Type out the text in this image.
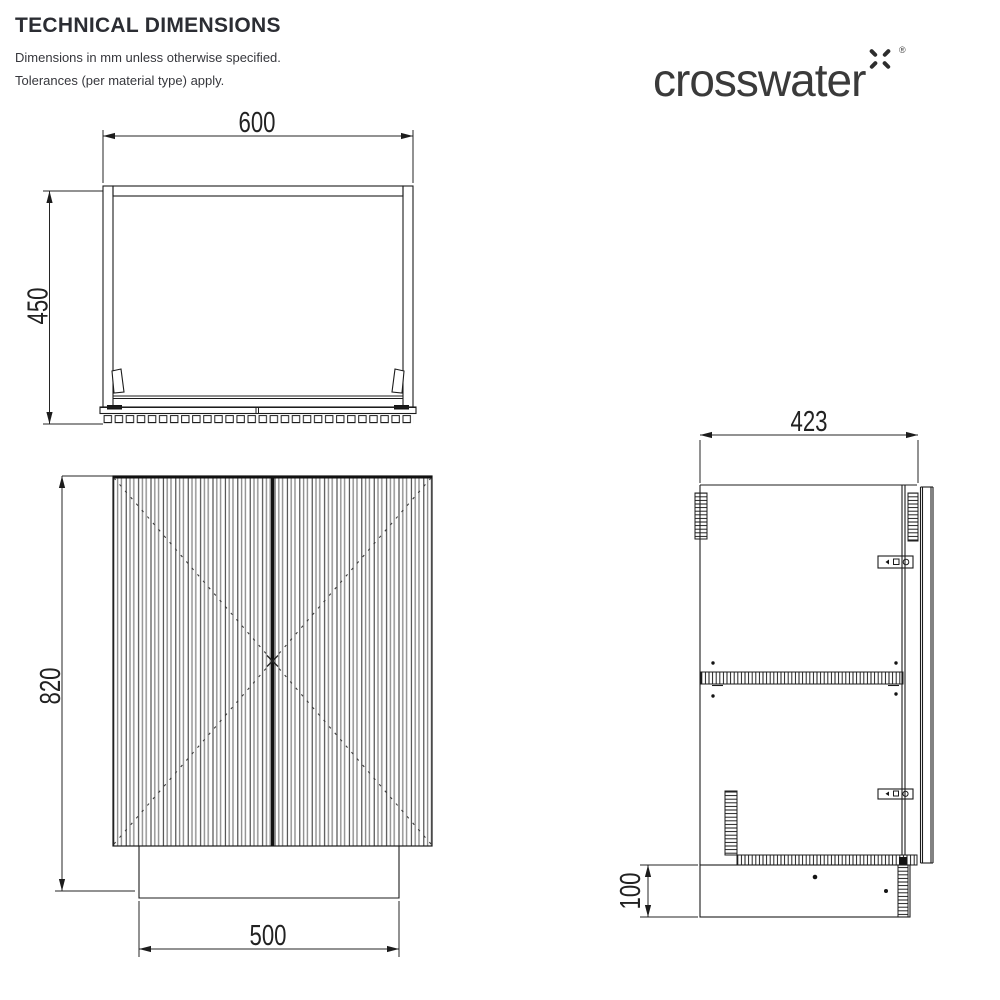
TECHNICAL DIMENSIONS
Dimensions in mm unless otherwise specified.
Tolerances (per material type) apply.	crosswater
®
600
450
820
500
423
100
